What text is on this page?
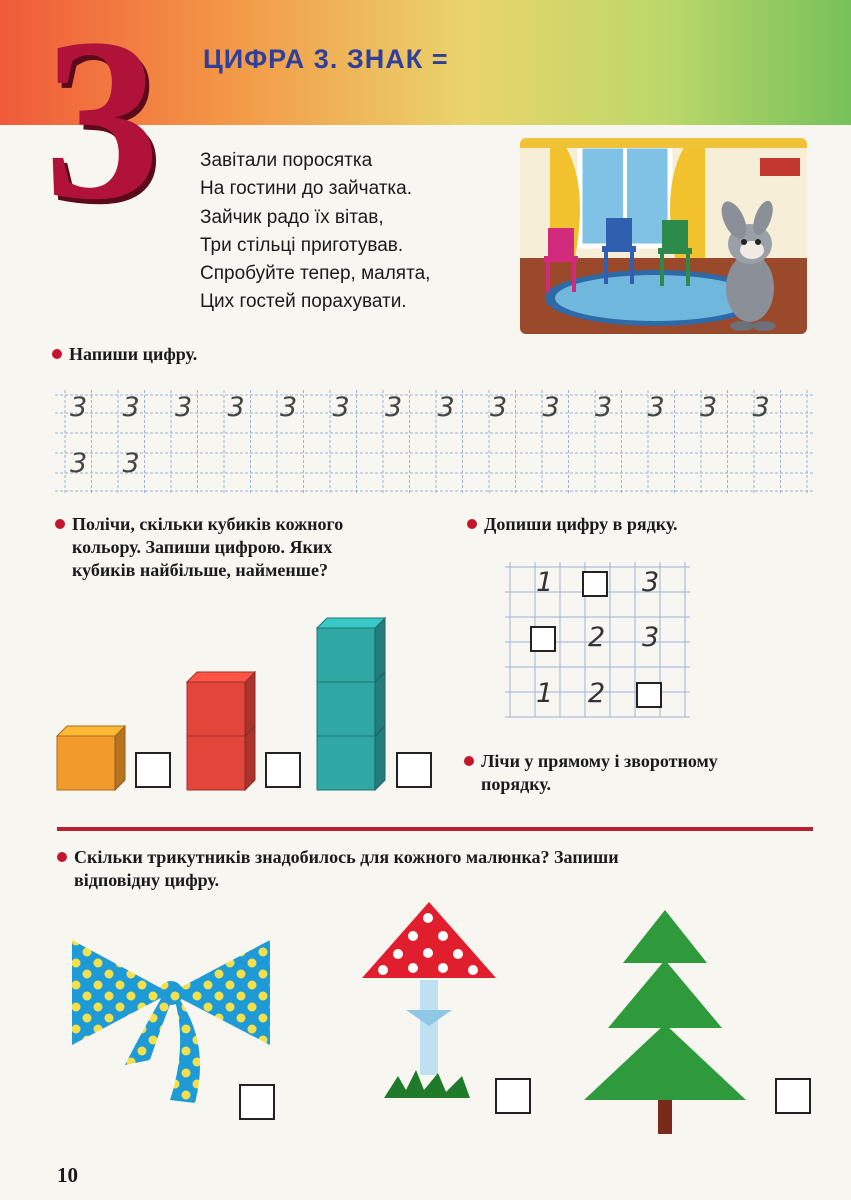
3 ЦИФРА 3. ЗНАК =
Завітали поросятка
На гостини до зайчатка.
Зайчик радо їх вітав,
Три стільці приготував.
Спробуйте тепер, малята,
Цих гостей порахувати.
Напиши цифру.
3 3 3 3 3 3 3 3 3 3 3 3 3 3
3 3
Полічи, скільки кубиків кожного
кольору. Запиши цифрою. Яких
кубиків найбільше, найменше?
Допиши цифру в рядку.
1	3
2 3
1 2
Лічи у прямому і зворотному
порядку.
Скільки трикутників знадобилось для кожного малюнка? Запиши
відповідну цифру.
10
